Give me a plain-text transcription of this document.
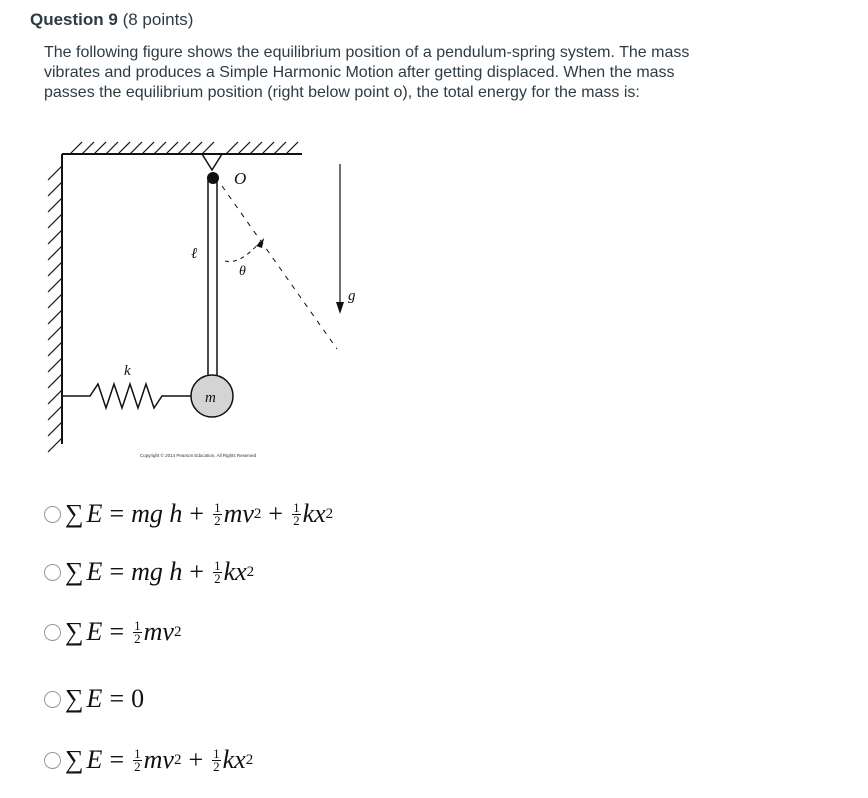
Question 9 (8 points)
The following figure shows the equilibrium position of a pendulum-spring system. The mass vibrates and produces a Simple Harmonic Motion after getting displaced. When the mass passes the equilibrium position (right below point o), the total energy for the mass is:
O
ℓ
θ
g
k
m
Copyright © 2014 Pearson Education, All Rights Reserved
∑ E = mg $h + \frac{1}{2}$ mv $2 + \frac{1}{2}$ kx 2
∑ E = mg $h + \frac{1}{2}$ kx 2
∑ $E = \frac{1}{2}$ mv 2
∑ E = 0
∑ $E = \frac{1}{2}$ mv $2 + \frac{1}{2}$ kx 2
